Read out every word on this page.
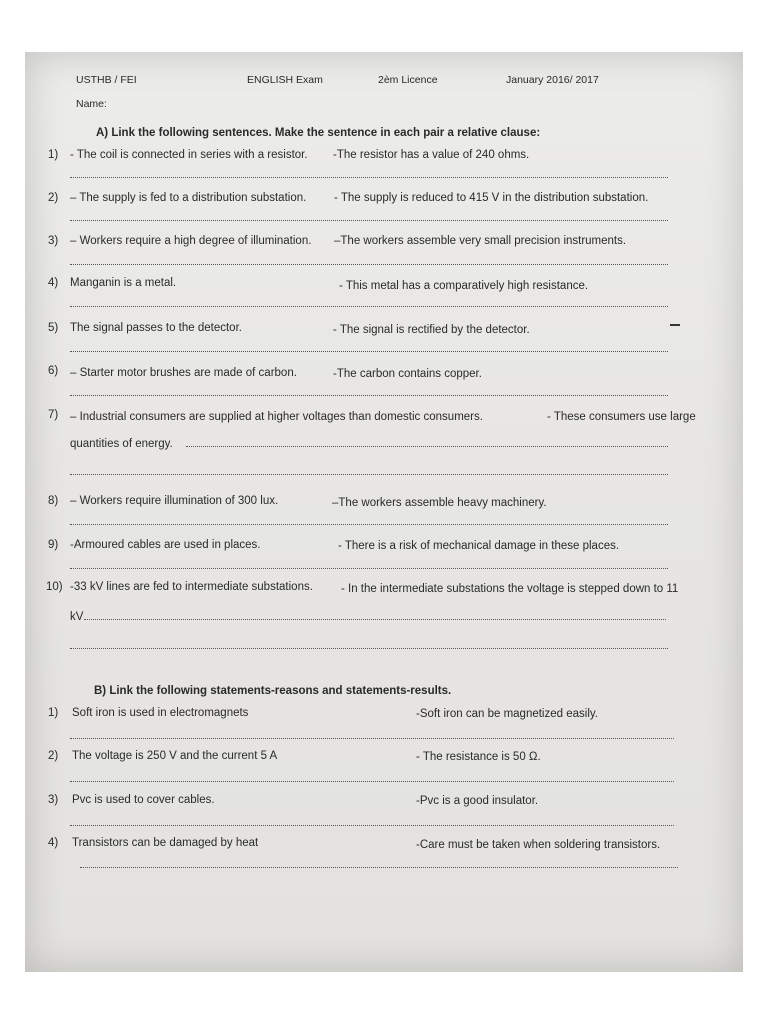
USTHB / FEI	ENGLISH Exam	2èm Licence	January 2016/ 2017
Name:
A) Link the following sentences. Make the sentence in each pair a relative clause:
1) - The coil is connected in series with a resistor. -The resistor has a value of 240 ohms.
2) – The supply is fed to a distribution substation. - The supply is reduced to 415 V in the distribution substation.
3) – Workers require a high degree of illumination. –The workers assemble very small precision instruments.
4) Manganin is a metal.	- This metal has a comparatively high resistance.
5) The signal passes to the detector.	- The signal is rectified by the detector.
6) – Starter motor brushes are made of carbon.	-The carbon contains copper.
7) – Industrial consumers are supplied at higher voltages than domestic consumers.	- These consumers use large
quantities of energy.
8) – Workers require illumination of 300 lux.	–The workers assemble heavy machinery.
9) -Armoured cables are used in places.	- There is a risk of mechanical damage in these places.
10) -33 kV lines are fed to intermediate substations. - In the intermediate substations the voltage is stepped down to 11
kV
B) Link the following statements-reasons and statements-results.
1) Soft iron is used in electromagnets	-Soft iron can be magnetized easily.
2) The voltage is 250 V and the current 5 A	- The resistance is 50 Ω.
3) Pvc is used to cover cables.	-Pvc is a good insulator.
4) Transistors can be damaged by heat	-Care must be taken when soldering transistors.
